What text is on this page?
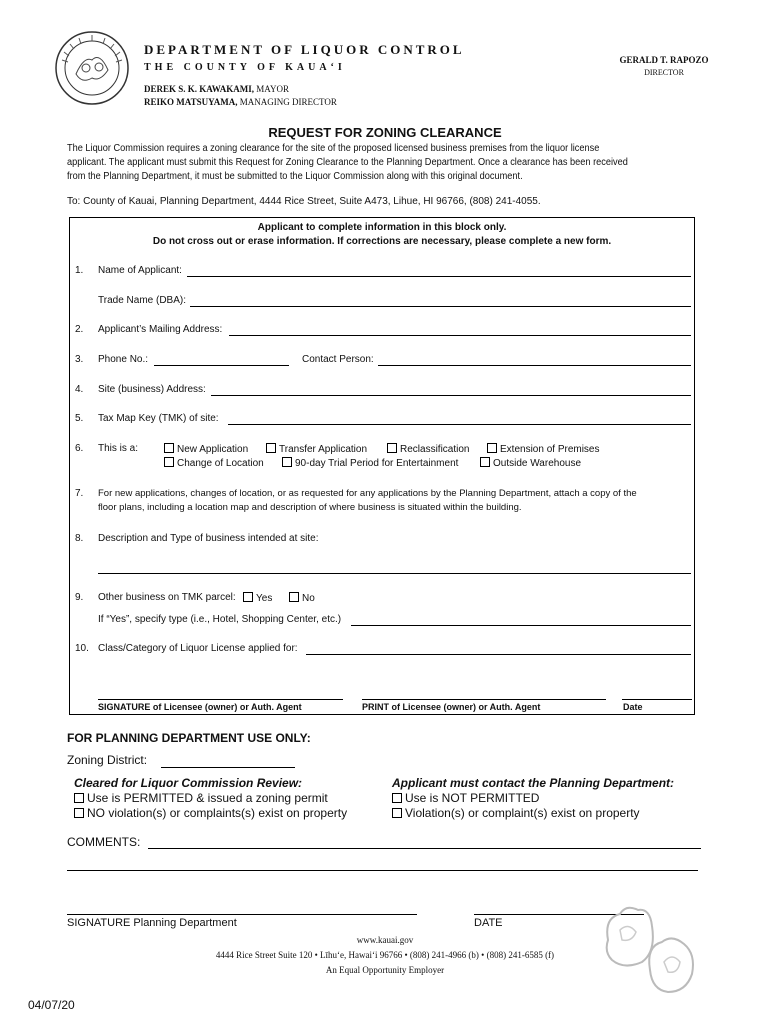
DEPARTMENT OF LIQUOR CONTROL
THE COUNTY OF KAUA‘I
DEREK S. K. KAWAKAMI, MAYOR
REIKO MATSUYAMA, MANAGING DIRECTOR
GERALD T. RAPOZO
DIRECTOR
REQUEST FOR ZONING CLEARANCE
The Liquor Commission requires a zoning clearance for the site of the proposed licensed business premises from the liquor license applicant. The applicant must submit this Request for Zoning Clearance to the Planning Department. Once a clearance has been received from the Planning Department, it must be submitted to the Liquor Commission along with this original document.
To: County of Kauai, Planning Department, 4444 Rice Street, Suite A473, Lihue, HI 96766, (808) 241-4055.
Applicant to complete information in this block only.
Do not cross out or erase information. If corrections are necessary, please complete a new form.
1. Name of Applicant:
Trade Name (DBA):
2. Applicant’s Mailing Address:
3. Phone No.:	Contact Person:
4. Site (business) Address:
5. Tax Map Key (TMK) of site:
6. This is a:	New Application	Transfer Application	Reclassification	Extension of Premises
Change of Location	90-day Trial Period for Entertainment	Outside Warehouse
7. For new applications, changes of location, or as requested for any applications by the Planning Department, attach a copy of the
floor plans, including a location map and description of where business is situated within the building.
8. Description and Type of business intended at site:
9. Other business on TMK parcel:	Yes	No
If “Yes”, specify type (i.e., Hotel, Shopping Center, etc.)
10. Class/Category of Liquor License applied for:
SIGNATURE of Licensee (owner) or Auth. Agent	PRINT of Licensee (owner) or Auth. Agent	Date
FOR PLANNING DEPARTMENT USE ONLY:
Zoning District:
Cleared for Liquor Commission Review:
Use is PERMITTED & issued a zoning permit
NO violation(s) or complaints(s) exist on property
Applicant must contact the Planning Department:
Use is NOT PERMITTED
Violation(s) or complaint(s) exist on property
COMMENTS:
SIGNATURE Planning Department	DATE
www.kauai.gov
4444 Rice Street Suite 120 • Līhu‘e, Hawai‘i 96766 • (808) 241-4966 (b) • (808) 241-6585 (f)
An Equal Opportunity Employer
04/07/20
